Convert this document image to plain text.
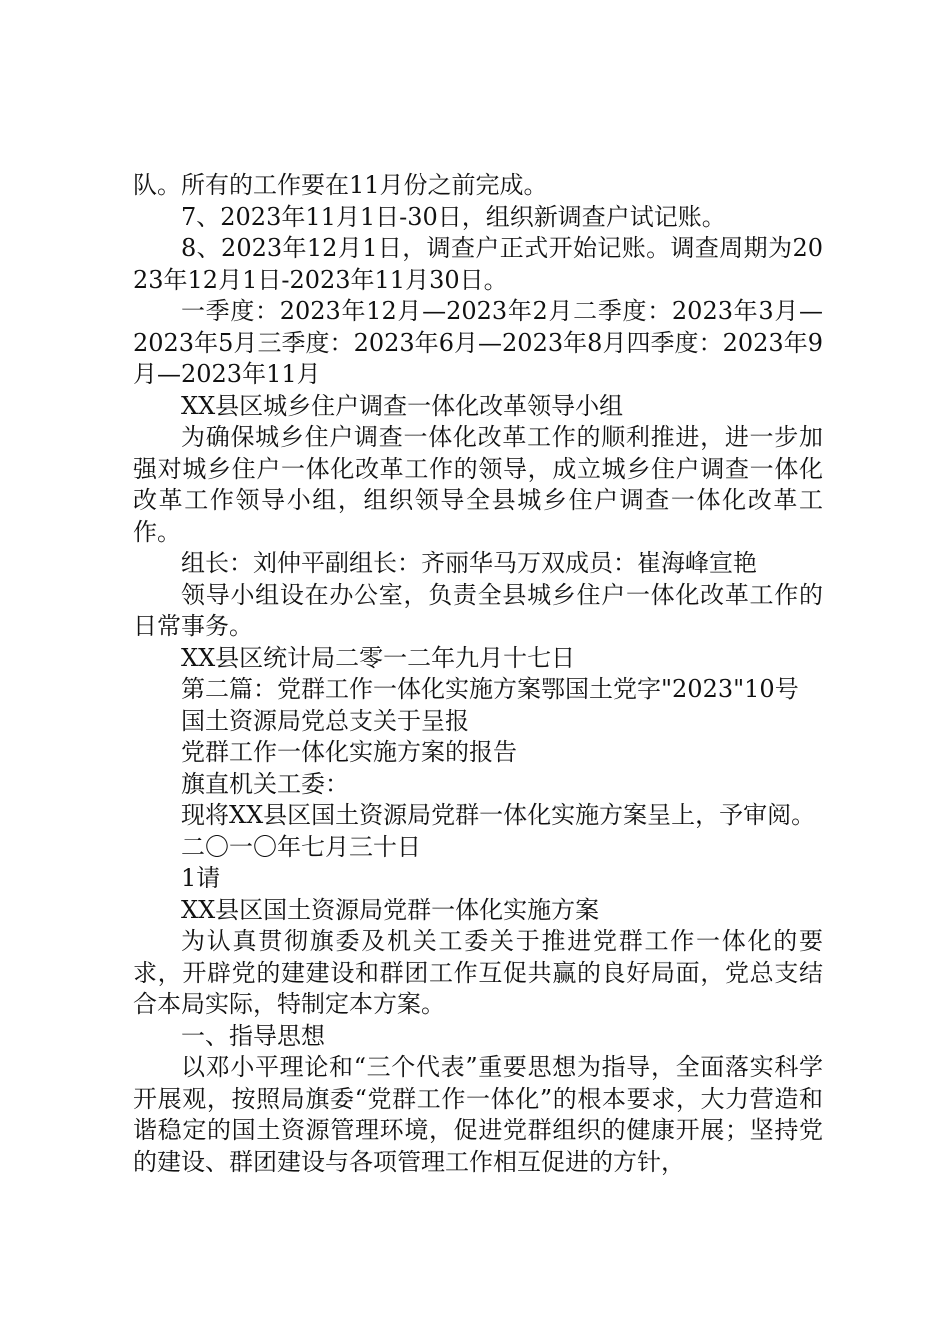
队。所有的工作要在11月份之前完成。

7、2023年11月1日-30日，组织新调查户试记账。

8、2023年12月1日，调查户正式开始记账。调查周期为2023年12月1日-2023年11月30日。

一季度：2023年12月—2023年2月二季度：2023年3月—2023年5月三季度：2023年6月—2023年8月四季度：2023年9月—2023年11月

XX县区城乡住户调查一体化改革领导小组

为确保城乡住户调查一体化改革工作的顺利推进，进一步加强对城乡住户一体化改革工作的领导，成立城乡住户调查一体化改革工作领导小组，组织领导全县城乡住户调查一体化改革工作。

组长：刘仲平副组长：齐丽华马万双成员：崔海峰宣艳

领导小组设在办公室，负责全县城乡住户一体化改革工作的日常事务。

XX县区统计局二零一二年九月十七日

第二篇：党群工作一体化实施方案鄂国土党字"2023"10号

国土资源局党总支关于呈报

党群工作一体化实施方案的报告

旗直机关工委：

现将XX县区国土资源局党群一体化实施方案呈上，予审阅。

二〇一〇年七月三十日

1请

XX县区国土资源局党群一体化实施方案

为认真贯彻旗委及机关工委关于推进党群工作一体化的要求，开辟党的建建设和群团工作互促共赢的良好局面，党总支结合本局实际，特制定本方案。

一、指导思想

以邓小平理论和“三个代表”重要思想为指导，全面落实科学开展观，按照局旗委“党群工作一体化”的根本要求，大力营造和谐稳定的国土资源管理环境，促进党群组织的健康开展；坚持党的建设、群团建设与各项管理工作相互促进的方针，
